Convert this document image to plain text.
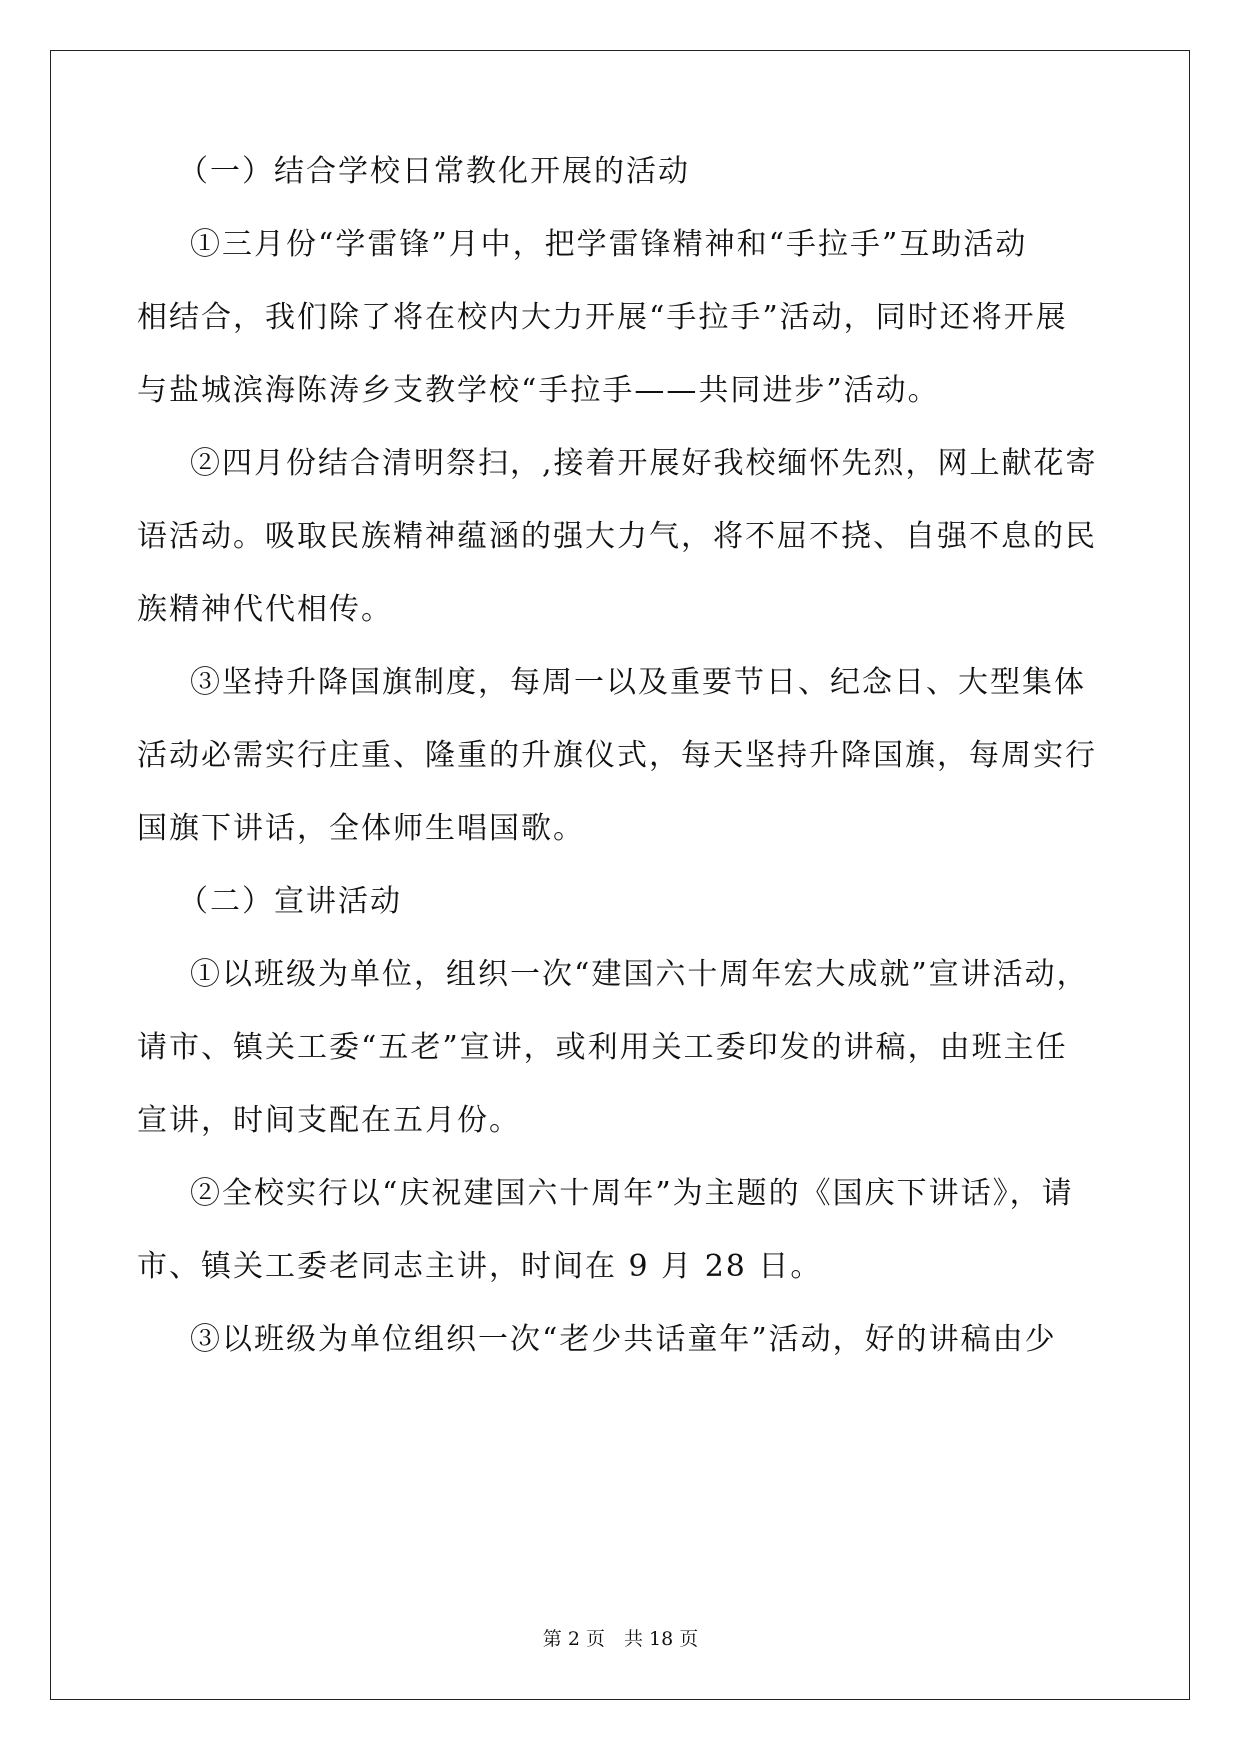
（一）结合学校日常教化开展的活动
①三月份“学雷锋”月中，把学雷锋精神和“手拉手”互助活动
相结合，我们除了将在校内大力开展“手拉手”活动，同时还将开展
与盐城滨海陈涛乡支教学校“手拉手——共同进步”活动。
②四月份结合清明祭扫，,接着开展好我校缅怀先烈，网上献花寄
语活动。吸取民族精神蕴涵的强大力气，将不屈不挠、自强不息的民
族精神代代相传。
③坚持升降国旗制度，每周一以及重要节日、纪念日、大型集体
活动必需实行庄重、隆重的升旗仪式，每天坚持升降国旗，每周实行
国旗下讲话，全体师生唱国歌。
（二）宣讲活动
①以班级为单位，组织一次“建国六十周年宏大成就”宣讲活动，
请市、镇关工委“五老”宣讲，或利用关工委印发的讲稿，由班主任
宣讲，时间支配在五月份。
②全校实行以“庆祝建国六十周年”为主题的《国庆下讲话》，请
市、镇关工委老同志主讲，时间在 9 月 28 日。
③以班级为单位组织一次“老少共话童年”活动，好的讲稿由少
第 2 页　共 18 页
